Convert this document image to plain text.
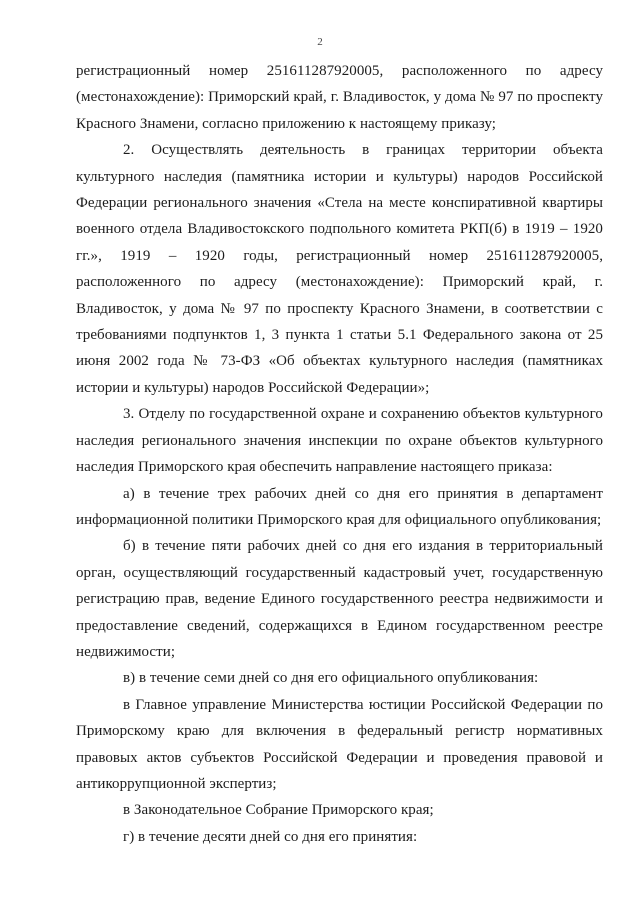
2

регистрационный номер 251611287920005, расположенного по адресу (местонахождение): Приморский край, г. Владивосток, у дома № 97 по проспекту Красного Знамени, согласно приложению к настоящему приказу;

2. Осуществлять деятельность в границах территории объекта культурного наследия (памятника истории и культуры) народов Российской Федерации регионального значения «Стела на месте конспиративной квартиры военного отдела Владивостокского подпольного комитета РКП(б) в 1919 – 1920 гг.», 1919 – 1920 годы, регистрационный номер 251611287920005, расположенного по адресу (местонахождение): Приморский край, г. Владивосток, у дома № 97 по проспекту Красного Знамени, в соответствии с требованиями подпунктов 1, 3 пункта 1 статьи 5.1 Федерального закона от 25 июня 2002 года № 73-ФЗ «Об объектах культурного наследия (памятниках истории и культуры) народов Российской Федерации»;

3. Отделу по государственной охране и сохранению объектов культурного наследия регионального значения инспекции по охране объектов культурного наследия Приморского края обеспечить направление настоящего приказа:

а) в течение трех рабочих дней со дня его принятия в департамент информационной политики Приморского края для официального опубликования;

б) в течение пяти рабочих дней со дня его издания в территориальный орган, осуществляющий государственный кадастровый учет, государственную регистрацию прав, ведение Единого государственного реестра недвижимости и предоставление сведений, содержащихся в Едином государственном реестре недвижимости;

в) в течение семи дней со дня его официального опубликования:

в Главное управление Министерства юстиции Российской Федерации по Приморскому краю для включения в федеральный регистр нормативных правовых актов субъектов Российской Федерации и проведения правовой и антикоррупционной экспертиз;

в Законодательное Собрание Приморского края;

г) в течение десяти дней со дня его принятия:
